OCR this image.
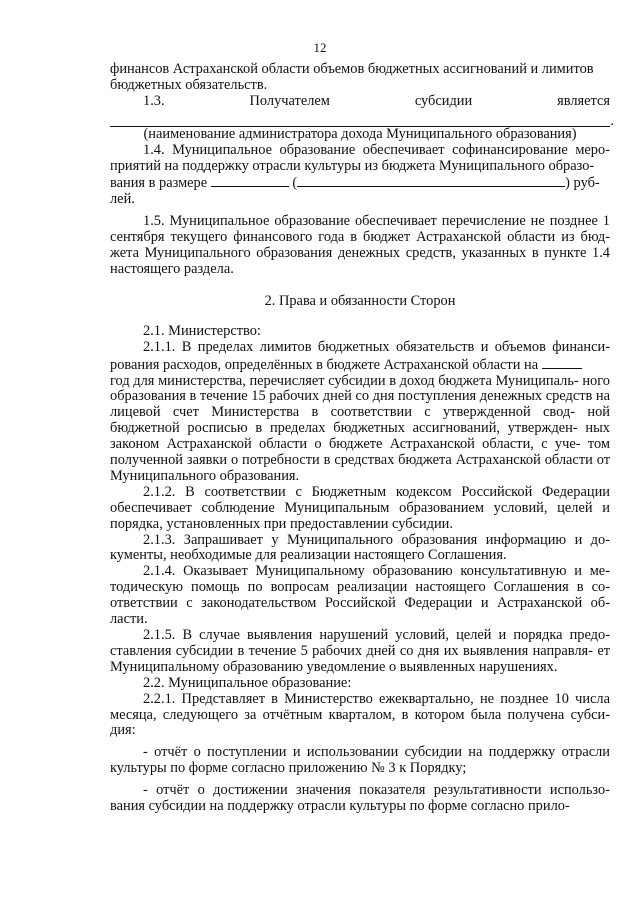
12

финансов Астраханской области объемов бюджетных ассигнований и лимитов
бюджетных обязательств.

1.3.	Получателем	субсидии	является
.

(наименование администратора дохода Муниципального образования)

1.4. Муниципальное образование обеспечивает софинансирование меро- приятий на поддержку отрасли культуры из бюджета Муниципального образо-
вания в размере	(	) руб-
лей.

1.5. Муниципальное образование обеспечивает перечисление не позднее 1 сентября текущего финансового года в бюджет Астраханской области из бюд- жета Муниципального образования денежных средств, указанных в пункте 1.4 настоящего раздела.

2. Права и обязанности Сторон

2.1. Министерство:

2.1.1. В пределах лимитов бюджетных обязательств и объемов финанси- рования расходов, определённых в бюджете Астраханской области на
год для министерства, перечисляет субсидии в доход бюджета Муниципаль- ного образования в течение 15 рабочих дней со дня поступления денежных средств на лицевой счет Министерства в соответствии с утвержденной свод- ной бюджетной росписью в пределах бюджетных ассигнований, утвержден- ных законом Астраханской области о бюджете Астраханской области, с уче- том полученной заявки о потребности в средствах бюджета Астраханской области от Муниципального образования.

2.1.2. В соответствии с Бюджетным кодексом Российской Федерации обеспечивает соблюдение Муниципальным образованием условий, целей и порядка, установленных при предоставлении субсидии.

2.1.3. Запрашивает у Муниципального образования информацию и до- кументы, необходимые для реализации настоящего Соглашения.

2.1.4. Оказывает Муниципальному образованию консультативную и ме- тодическую помощь по вопросам реализации настоящего Соглашения в со- ответствии с законодательством Российской Федерации и Астраханской об- ласти.

2.1.5. В случае выявления нарушений условий, целей и порядка предо- ставления субсидии в течение 5 рабочих дней со дня их выявления направля- ет Муниципальному образованию уведомление о выявленных нарушениях.

2.2. Муниципальное образование:

2.2.1. Представляет в Министерство ежеквартально, не позднее 10 числа месяца, следующего за отчётным кварталом, в котором была получена субси- дия:

- отчёт о поступлении и использовании субсидии на поддержку отрасли культуры по форме согласно приложению № 3 к Порядку;

- отчёт о достижении значения показателя результативности использо- вания субсидии на поддержку отрасли культуры по форме согласно прило-
